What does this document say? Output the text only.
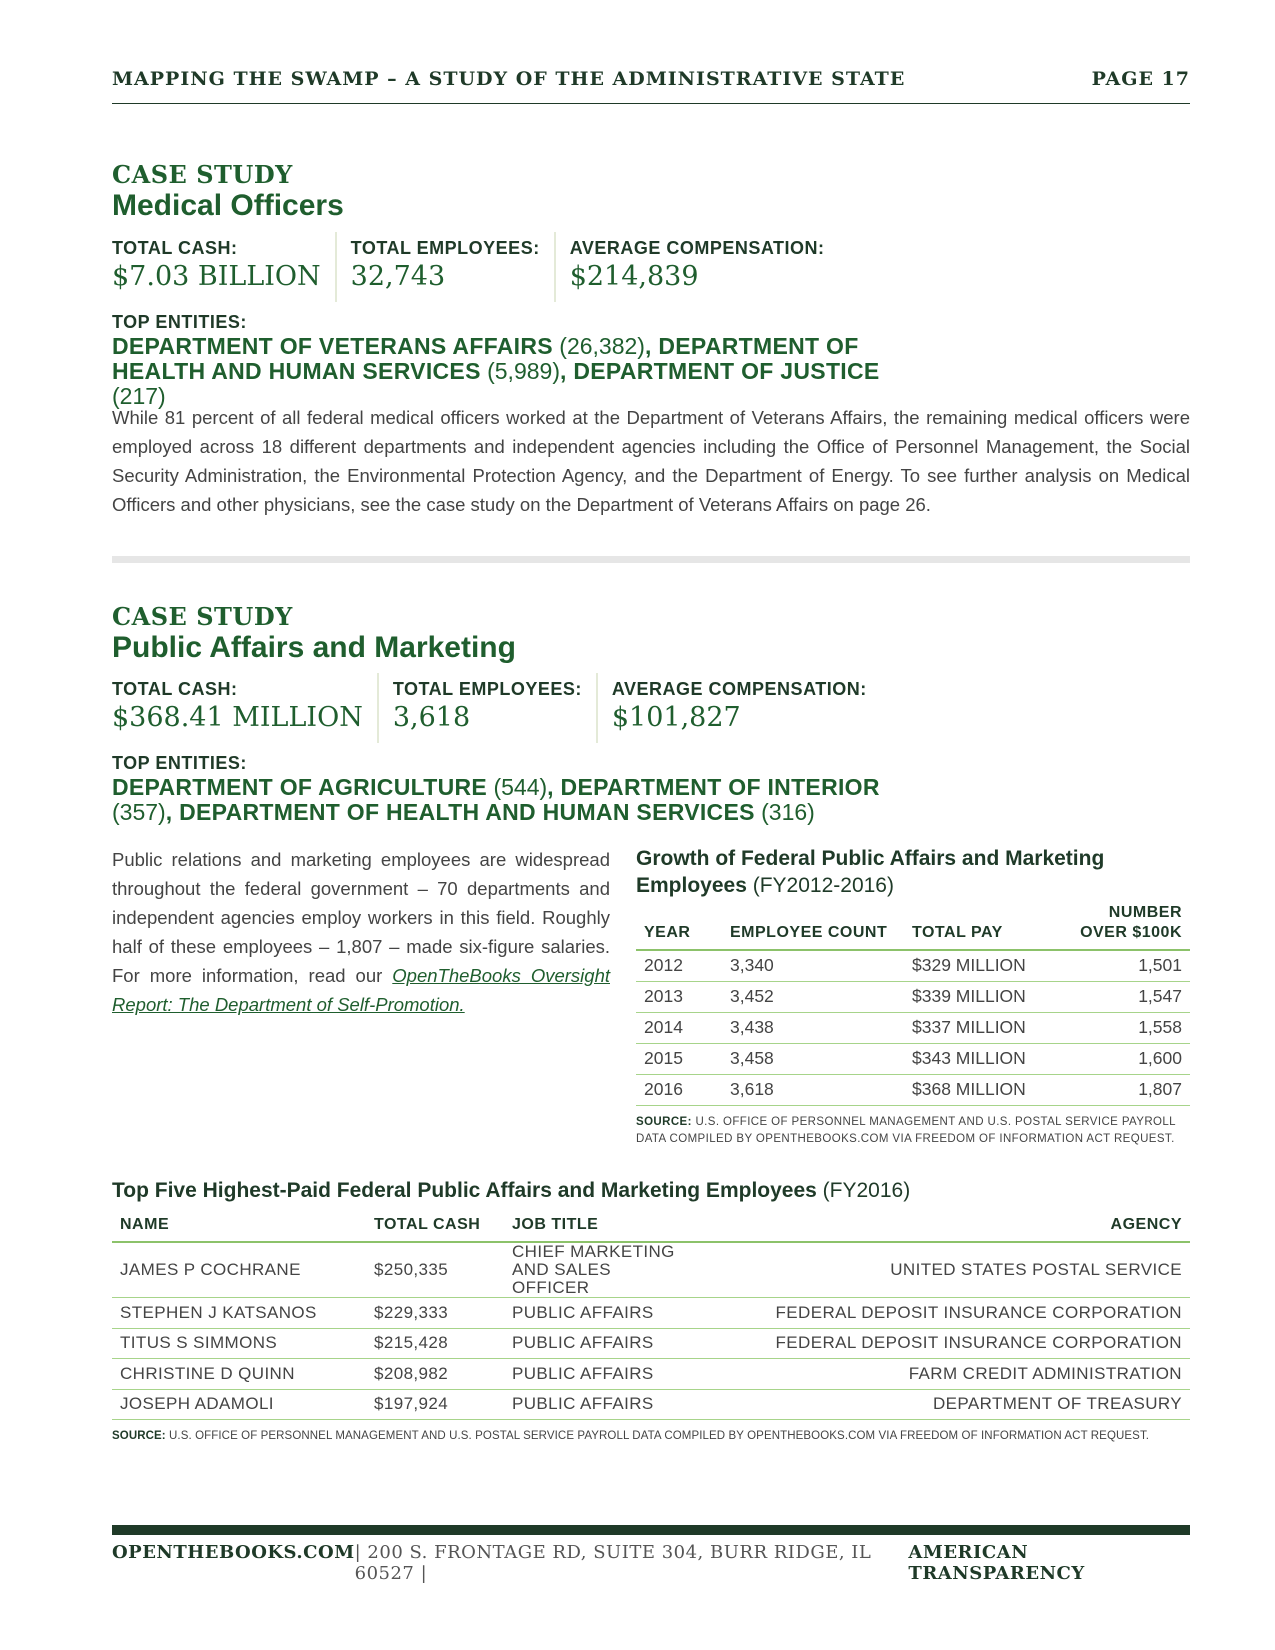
MAPPING THE SWAMP – A STUDY OF THE ADMINISTRATIVE STATE	PAGE 17
CASE STUDY
Medical Officers
TOTAL CASH:
$7.03 BILLION
TOTAL EMPLOYEES:
32,743
AVERAGE COMPENSATION:
$214,839
TOP ENTITIES:
DEPARTMENT OF VETERANS AFFAIRS (26,382), DEPARTMENT OF HEALTH AND HUMAN SERVICES (5,989), DEPARTMENT OF JUSTICE (217)
While 81 percent of all federal medical officers worked at the Department of Veterans Affairs, the remaining medical officers were employed across 18 different departments and independent agencies including the Office of Personnel Management, the Social Security Administration, the Environmental Protection Agency, and the Department of Energy. To see further analysis on Medical Officers and other physicians, see the case study on the Department of Veterans Affairs on page 26.
CASE STUDY
Public Affairs and Marketing
TOTAL CASH:
$368.41 MILLION
TOTAL EMPLOYEES:
3,618
AVERAGE COMPENSATION:
$101,827
TOP ENTITIES:
DEPARTMENT OF AGRICULTURE (544), DEPARTMENT OF INTERIOR (357), DEPARTMENT OF HEALTH AND HUMAN SERVICES (316)
Public relations and marketing employees are widespread throughout the federal government – 70 departments and independent agencies employ workers in this field. Roughly half of these employees – 1,807 – made six-figure salaries. For more information, read our OpenTheBooks Oversight Report: The Department of Self-Promotion.
Growth of Federal Public Affairs and Marketing Employees (FY2012-2016)
YEAR	EMPLOYEE COUNT	TOTAL PAY	NUMBER OVER $100K
2012	3,340	$329 MILLION	1,501
2013	3,452	$339 MILLION	1,547
2014	3,438	$337 MILLION	1,558
2015	3,458	$343 MILLION	1,600
2016	3,618	$368 MILLION	1,807
SOURCE: U.S. OFFICE OF PERSONNEL MANAGEMENT AND U.S. POSTAL SERVICE PAYROLL DATA COMPILED BY OPENTHEBOOKS.COM VIA FREEDOM OF INFORMATION ACT REQUEST.
Top Five Highest-Paid Federal Public Affairs and Marketing Employees (FY2016)
NAME	TOTAL CASH	JOB TITLE	AGENCY
JAMES P COCHRANE	$250,335	CHIEF MARKETING AND SALES OFFICER	UNITED STATES POSTAL SERVICE
STEPHEN J KATSANOS	$229,333	PUBLIC AFFAIRS	FEDERAL DEPOSIT INSURANCE CORPORATION
TITUS S SIMMONS	$215,428	PUBLIC AFFAIRS	FEDERAL DEPOSIT INSURANCE CORPORATION
CHRISTINE D QUINN	$208,982	PUBLIC AFFAIRS	FARM CREDIT ADMINISTRATION
JOSEPH ADAMOLI	$197,924	PUBLIC AFFAIRS	DEPARTMENT OF TREASURY
SOURCE: U.S. OFFICE OF PERSONNEL MANAGEMENT AND U.S. POSTAL SERVICE PAYROLL DATA COMPILED BY OPENTHEBOOKS.COM VIA FREEDOM OF INFORMATION ACT REQUEST.
OPENTHEBOOKS.COM | 200 S. FRONTAGE RD, SUITE 304, BURR RIDGE, IL 60527 |
AMERICAN TRANSPARENCY
